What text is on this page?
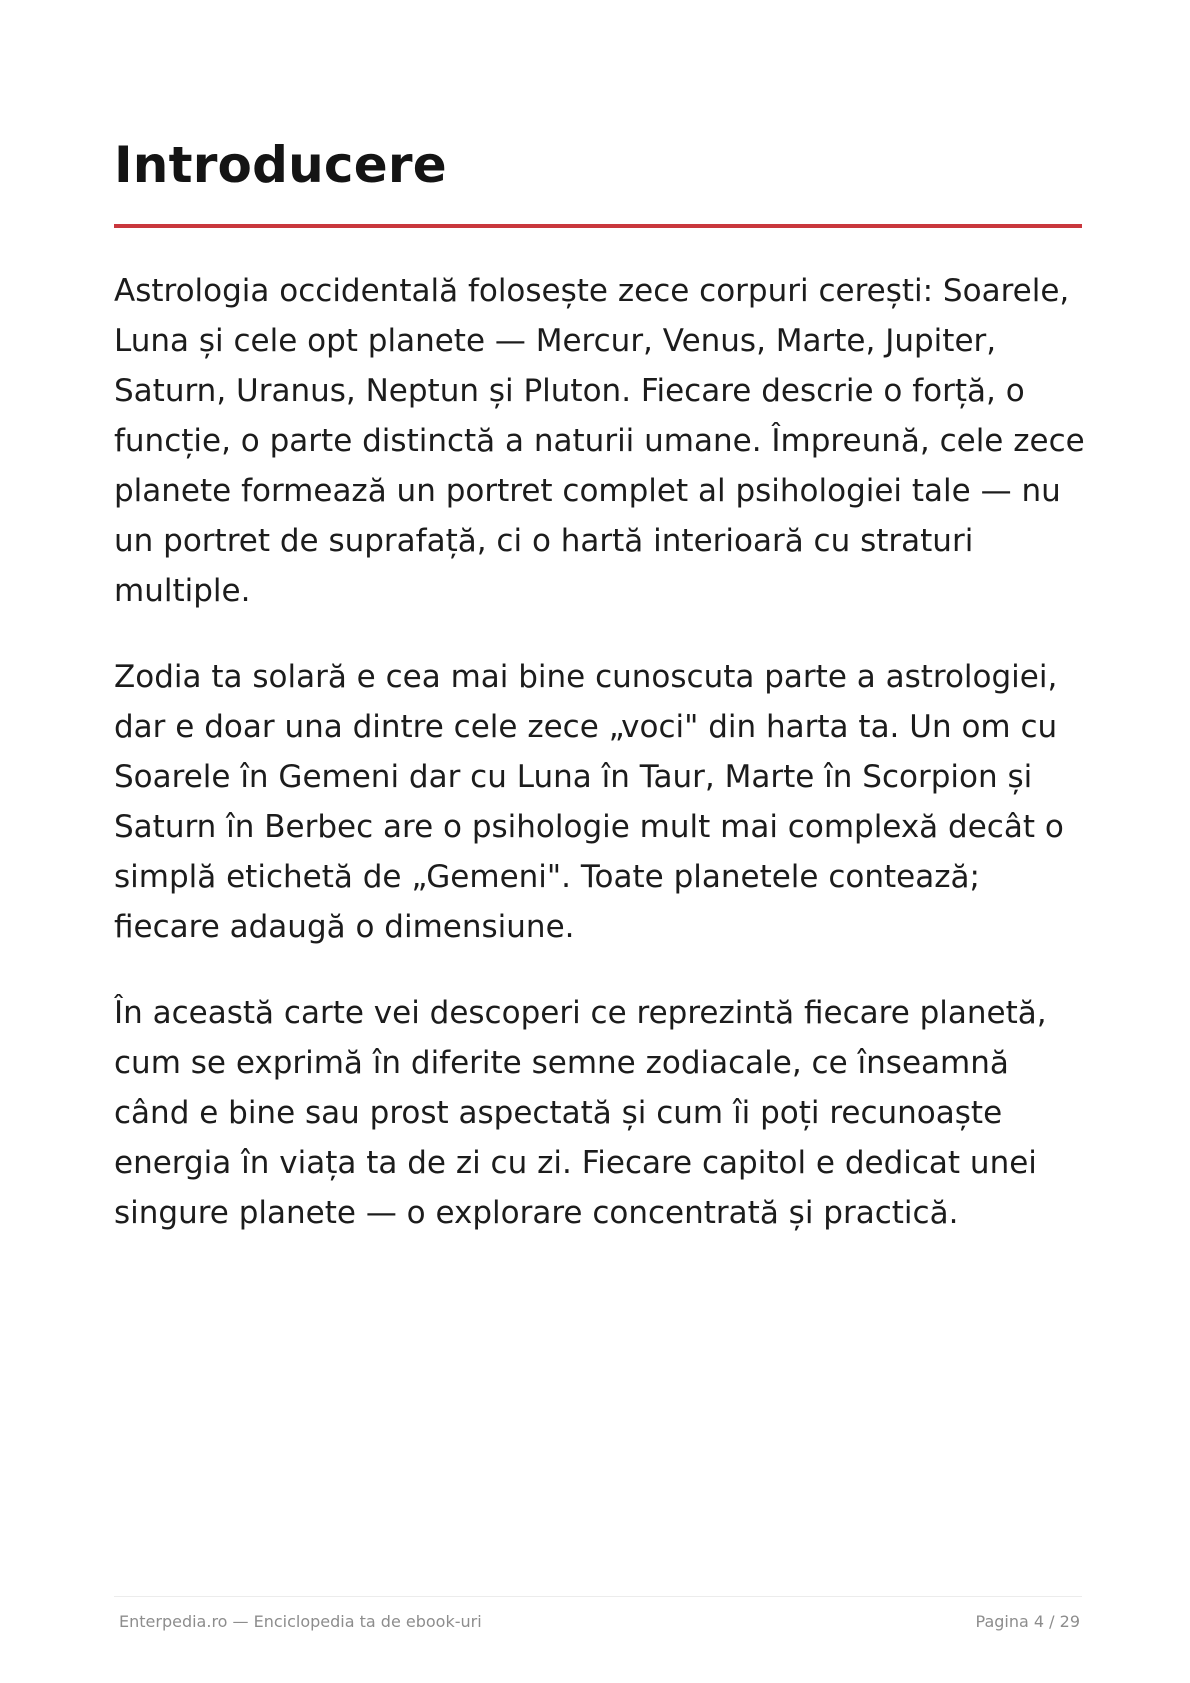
Introducere

Astrologia occidentală folosește zece corpuri cerești: Soarele, Luna și cele opt planete — Mercur, Venus, Marte, Jupiter, Saturn, Uranus, Neptun și Pluton. Fiecare descrie o forță, o funcție, o parte distinctă a naturii umane. Împreună, cele zece planete formează un portret complet al psihologiei tale — nu un portret de suprafață, ci o hartă interioară cu straturi multiple.

Zodia ta solară e cea mai bine cunoscuta parte a astrologiei, dar e doar una dintre cele zece „voci" din harta ta. Un om cu Soarele în Gemeni dar cu Luna în Taur, Marte în Scorpion și Saturn în Berbec are o psihologie mult mai complexă decât o simplă etichetă de „Gemeni". Toate planetele contează; fiecare adaugă o dimensiune.

În această carte vei descoperi ce reprezintă fiecare planetă, cum se exprimă în diferite semne zodiacale, ce înseamnă când e bine sau prost aspectată și cum îi poți recunoaște energia în viața ta de zi cu zi. Fiecare capitol e dedicat unei singure planete — o explorare concentrată și practică.

Enterpedia.ro — Enciclopedia ta de ebook-uri	Pagina 4 / 29
